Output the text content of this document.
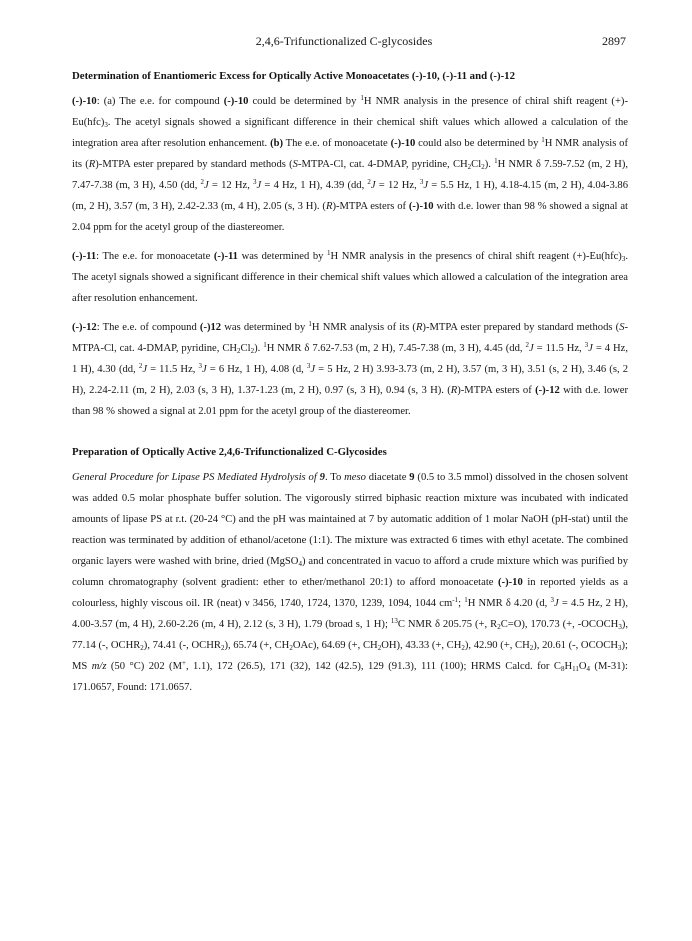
2,4,6-Trifunctionalized C-glycosides	2897
Determination of Enantiomeric Excess for Optically Active Monoacetates (-)-10, (-)-11 and (-)-12

(-)-10: (a) The e.e. for compound (-)-10 could be determined by $^1$H NMR analysis in the presence of chiral shift reagent $(+)-Eu(hfc)_3$. The acetyl signals showed a significant difference in their chemical shift values which allowed a calculation of the integration area after resolution enhancement. (b) The e.e. of monoacetate (-)-10 could also be determined by $^1$H NMR analysis of its (R)-MTPA ester prepared by standard methods (S-MTPA-Cl, cat. 4-DMAP, pyridine, $CH_2Cl_2$). $^1$H NMR δ 7.59-7.52 (m, 2 H), 7.47-7.38 (m, 3 H), 4.50 (dd, $^2$J = 12 Hz, $^3$J = 4 Hz, 1 H), 4.39 (dd, $^2$J = 12 Hz, $^3$J = 5.5 Hz, 1 H), 4.18-4.15 (m, 2 H), 4.04-3.86 (m, 2 H), 3.57 (m, 3 H), 2.42-2.33 (m, 4 H), 2.05 (s, 3 H). (R)-MTPA esters of (-)-10 with d.e. lower than 98 % showed a signal at 2.04 ppm for the acetyl group of the diastereomer.

(-)-11: The e.e. for monoacetate (-)-11 was determined by $^1$H NMR analysis in the presencs of chiral shift reagent $(+)-Eu(hfc)_3$. The acetyl signals showed a significant difference in their chemical shift values which allowed a calculation of the integration area after resolution enhancement.

(-)-12: The e.e. of compound (-)12 was determined by $^1$H NMR analysis of its (R)-MTPA ester prepared by standard methods (S-MTPA-Cl, cat. 4-DMAP, pyridine, $CH_2Cl_2$). $^1$H NMR δ 7.62-7.53 (m, 2 H), 7.45-7.38 (m, 3 H), 4.45 (dd, $^2$J = 11.5 Hz, $^3$J = 4 Hz, 1 H), 4.30 (dd, $^2$J = 11.5 Hz, $^3$J = 6 Hz, 1 H), 4.08 (d, $^3$J = 5 Hz, 2 H) 3.93-3.73 (m, 2 H), 3.57 (m, 3 H), 3.51 (s, 2 H), 3.46 (s, 2 H), 2.24-2.11 (m, 2 H), 2.03 (s, 3 H), 1.37-1.23 (m, 2 H), 0.97 (s, 3 H), 0.94 (s, 3 H). (R)-MTPA esters of (-)-12 with d.e. lower than 98 % showed a signal at 2.01 ppm for the acetyl group of the diastereomer.

Preparation of Optically Active 2,4,6-Trifunctionalized C-Glycosides

General Procedure for Lipase PS Mediated Hydrolysis of 9. To meso diacetate 9 (0.5 to 3.5 mmol) dissolved in the chosen solvent was added 0.5 molar phosphate buffer solution. The vigorously stirred biphasic reaction mixture was incubated with indicated amounts of lipase PS at r.t. (20-24 °C) and the pH was maintained at 7 by automatic addition of 1 molar NaOH (pH-stat) until the reaction was terminated by addition of ethanol/acetone (1:1). The mixture was extracted 6 times with ethyl acetate. The combined organic layers were washed with brine, dried (MgSO$_4$) and concentrated in vacuo to afford a crude mixture which was purified by column chromatography (solvent gradient: ether to ether/methanol 20:1) to afford monoacetate (-)-10 in reported yields as a colourless, highly viscous oil. IR (neat) ν 3456, 1740, 1724, 1370, 1239, 1094, 1044 $cm^{-1}$; $^1$H NMR δ 4.20 (d, $^3$J = 4.5 Hz, 2 H), 4.00-3.57 (m, 4 H), 2.60-2.26 (m, 4 H), 2.12 (s, 3 H), 1.79 (broad s, 1 H); $^{13}$C NMR δ 205.75 (+, $R_2C=O$), 170.73 (+, $-OCOCH_3$), 77.14 (-, $OCHR_2$), 74.41 (-, $OCHR_2$), 65.74 (+, $CH_2OAc$), 64.69 (+, $CH_2OH$), 43.33 (+, $CH_2$), 42.90 (+, $CH_2$), 20.61 (-, $OCOCH_3$); MS m/z (50 °C) 202 (M+, 1.1), 172 (26.5), 171 (32), 142 (42.5), 129 (91.3), 111 (100); HRMS Calcd. for $C_8H_{11}O_4$ (M-31): 171.0657, Found: 171.0657.
